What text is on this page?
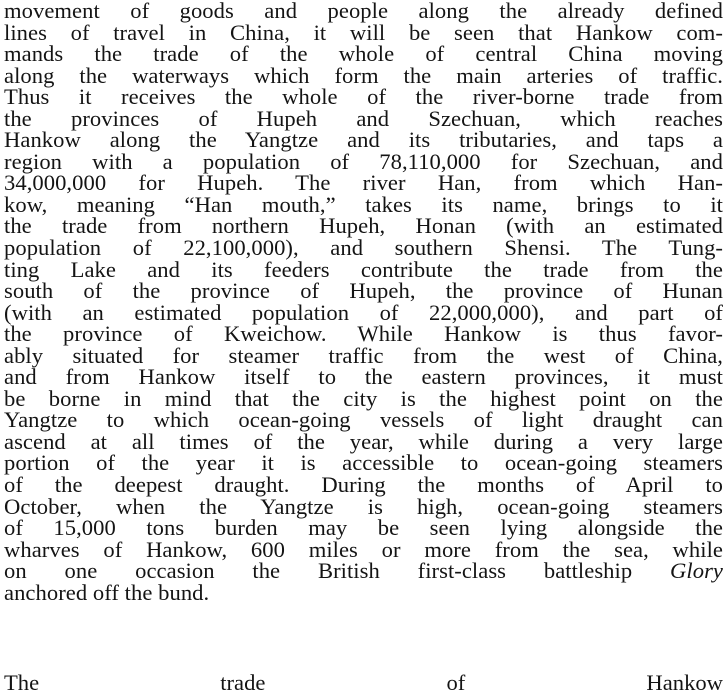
movement of goods and people along the already defined
lines of travel in China, it will be seen that Hankow com-
mands the trade of the whole of central China moving
along the waterways which form the main arteries of traffic.
Thus it receives the whole of the river-borne trade from
the provinces of Hupeh and Szechuan, which reaches
Hankow along the Yangtze and its tributaries, and taps a
region with a population of 78,110,000 for Szechuan, and
34,000,000 for Hupeh. The river Han, from which Han-
kow, meaning “Han mouth,” takes its name, brings to it
the trade from northern Hupeh, Honan (with an estimated
population of 22,100,000), and southern Shensi. The Tung-
ting Lake and its feeders contribute the trade from the
south of the province of Hupeh, the province of Hunan
(with an estimated population of 22,000,000), and part of
the province of Kweichow. While Hankow is thus favor-
ably situated for steamer traffic from the west of China,
and from Hankow itself to the eastern provinces, it must
be borne in mind that the city is the highest point on the
Yangtze to which ocean-going vessels of light draught can
ascend at all times of the year, while during a very large
portion of the year it is accessible to ocean-going steamers
of the deepest draught. During the months of April to
October, when the Yangtze is high, ocean-going steamers
of 15,000 tons burden may be seen lying alongside the
wharves of Hankow, 600 miles or more from the sea, while
on one occasion the British first-class battleship Glory
anchored off the bund.
The trade of Hankow
